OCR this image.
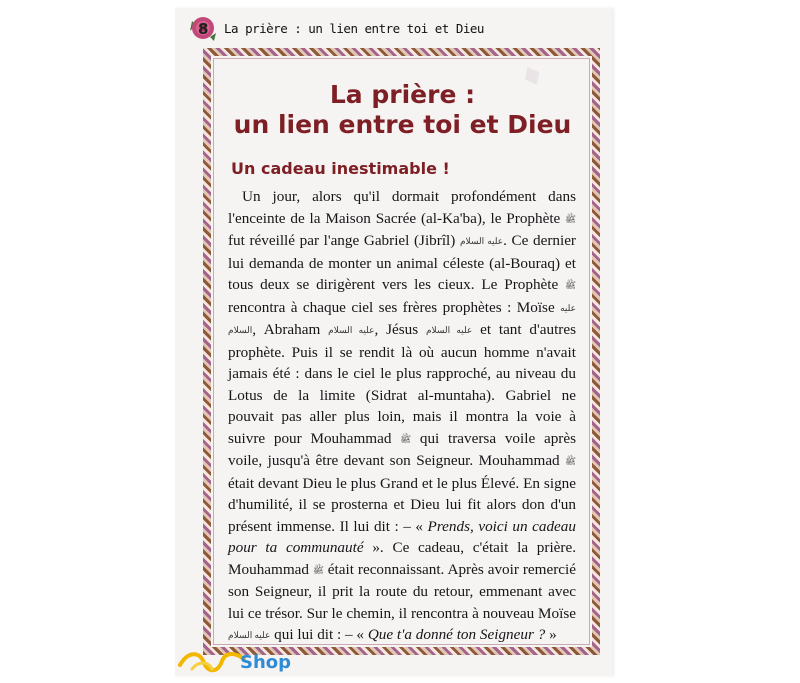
♦
8 La prière : un lien entre toi et Dieu
La prière :
un lien entre toi et Dieu
Un cadeau inestimable !

Un jour, alors qu'il dormait profondément dans l'enceinte de la Maison Sacrée (al-Ka'ba), le Prophète ﷺ fut réveillé par l'ange Gabriel (Jibrîl) عليه السلام. Ce dernier lui demanda de monter un animal céleste (al-Bouraq) et tous deux se dirigèrent vers les cieux. Le Prophète ﷺ rencontra à chaque ciel ses frères prophètes : Moïse عليه السلام, Abraham عليه السلام, Jésus عليه السلام et tant d'autres prophète. Puis il se rendit là où aucun homme n'avait jamais été : dans le ciel le plus rapproché, au niveau du Lotus de la limite (Sidrat al-muntaha). Gabriel ne pouvait pas aller plus loin, mais il montra la voie à suivre pour Mouhammad ﷺ qui traversa voile après voile, jusqu'à être devant son Seigneur. Mouhammad ﷺ était devant Dieu le plus Grand et le plus Élevé. En signe d'humilité, il se prosterna et Dieu lui fit alors don d'un présent immense. Il lui dit : – « Prends, voici un cadeau pour ta communauté ». Ce cadeau, c'était la prière. Mouhammad ﷺ était reconnaissant. Après avoir remercié son Seigneur, il prit la route du retour, emmenant avec lui ce trésor. Sur le chemin, il rencontra à nouveau Moïse عليه السلام qui lui dit : – « Que t'a donné ton Seigneur ? »

Shop
